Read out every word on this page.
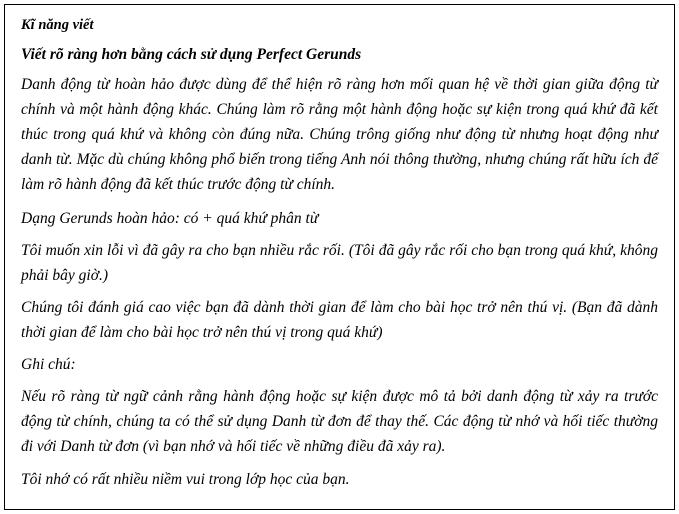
Kĩ năng viết
Viết rõ ràng hơn bằng cách sử dụng Perfect Gerunds

Danh động từ hoàn hảo được dùng để thể hiện rõ ràng hơn mối quan hệ về thời gian giữa động từ chính và một hành động khác. Chúng làm rõ rằng một hành động hoặc sự kiện trong quá khứ đã kết thúc trong quá khứ và không còn đúng nữa. Chúng trông giống như động từ nhưng hoạt động như danh từ. Mặc dù chúng không phổ biến trong tiếng Anh nói thông thường, nhưng chúng rất hữu ích để làm rõ hành động đã kết thúc trước động từ chính.

Dạng Gerunds hoàn hảo: có + quá khứ phân từ

Tôi muốn xin lỗi vì đã gây ra cho bạn nhiều rắc rối. (Tôi đã gây rắc rối cho bạn trong quá khứ, không phải bây giờ.)

Chúng tôi đánh giá cao việc bạn đã dành thời gian để làm cho bài học trở nên thú vị. (Bạn đã dành thời gian để làm cho bài học trở nên thú vị trong quá khứ)

Ghi chú:

Nếu rõ ràng từ ngữ cảnh rằng hành động hoặc sự kiện được mô tả bởi danh động từ xảy ra trước động từ chính, chúng ta có thể sử dụng Danh từ đơn để thay thế. Các động từ nhớ và hối tiếc thường đi với Danh từ đơn (vì bạn nhớ và hối tiếc về những điều đã xảy ra).

Tôi nhớ có rất nhiều niềm vui trong lớp học của bạn.
